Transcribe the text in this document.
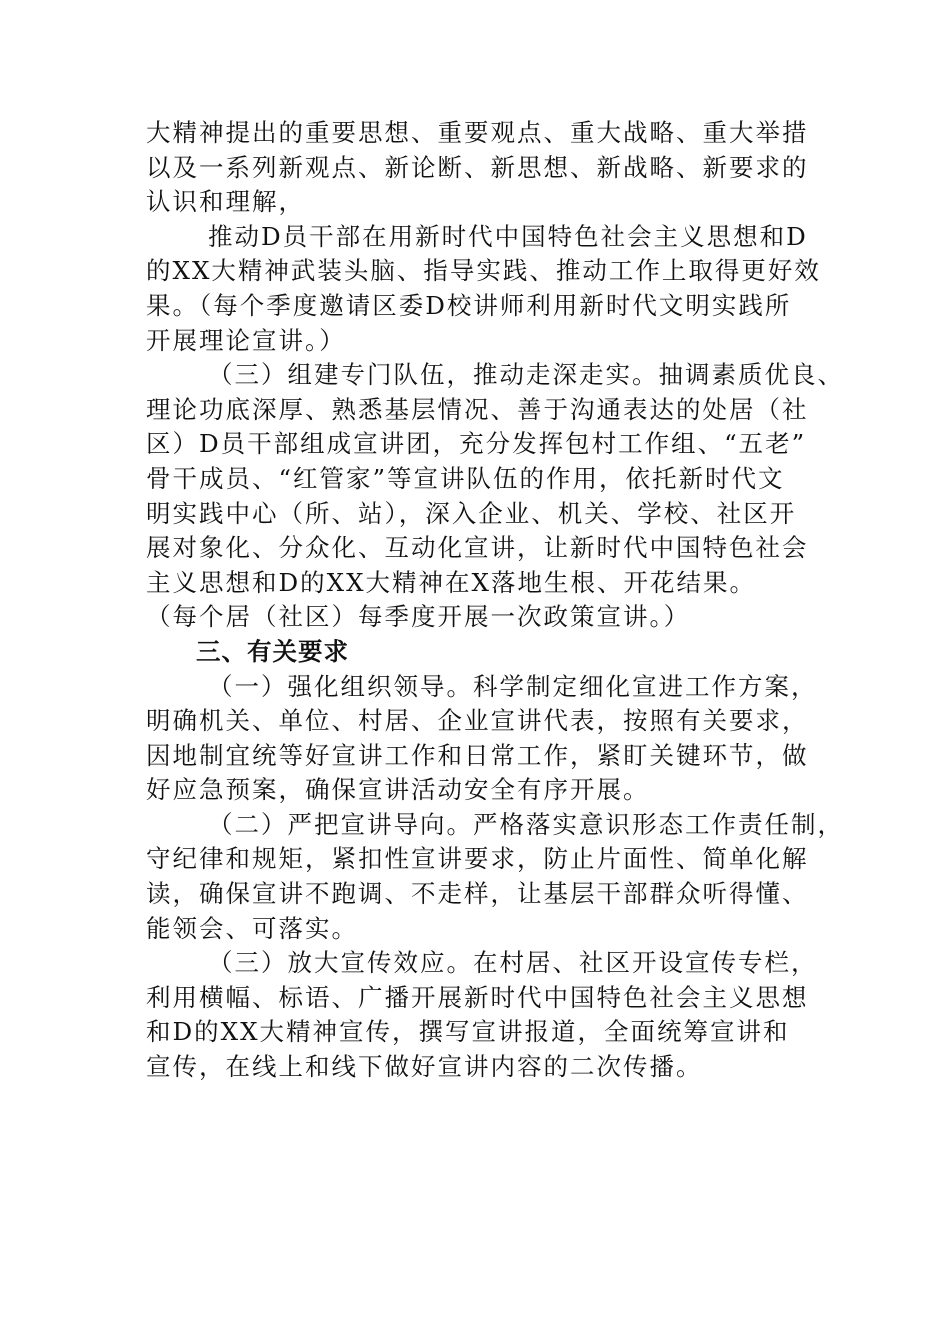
大精神提出的重要思想、重要观点、重大战略、重大举措
以及一系列新观点、新论断、新思想、新战略、新要求的
认识和理解，
推动D员干部在用新时代中国特色社会主义思想和D
的XX大精神武装头脑、指导实践、推动工作上取得更好效
果。（每个季度邀请区委D校讲师利用新时代文明实践所
开展理论宣讲。）
（三）组建专门队伍，推动走深走实。抽调素质优良、
理论功底深厚、熟悉基层情况、善于沟通表达的处居（社
区）D员干部组成宣讲团，充分发挥包村工作组、“五老”
骨干成员、“红管家”等宣讲队伍的作用，依托新时代文
明实践中心（所、站），深入企业、机关、学校、社区开
展对象化、分众化、互动化宣讲，让新时代中国特色社会
主义思想和D的XX大精神在X落地生根、开花结果。
（每个居（社区）每季度开展一次政策宣讲。）
三、有关要求
（一）强化组织领导。科学制定细化宣进工作方案，
明确机关、单位、村居、企业宣讲代表，按照有关要求，
因地制宜统等好宣讲工作和日常工作，紧盯关键环节，做
好应急预案，确保宣讲活动安全有序开展。
（二）严把宣讲导向。严格落实意识形态工作责任制，
守纪律和规矩，紧扣性宣讲要求，防止片面性、简单化解
读，确保宣讲不跑调、不走样，让基层干部群众听得懂、
能领会、可落实。
（三）放大宣传效应。在村居、社区开设宣传专栏，
利用横幅、标语、广播开展新时代中国特色社会主义思想
和D的XX大精神宣传，撰写宣讲报道，全面统筹宣讲和
宣传，在线上和线下做好宣讲内容的二次传播。
